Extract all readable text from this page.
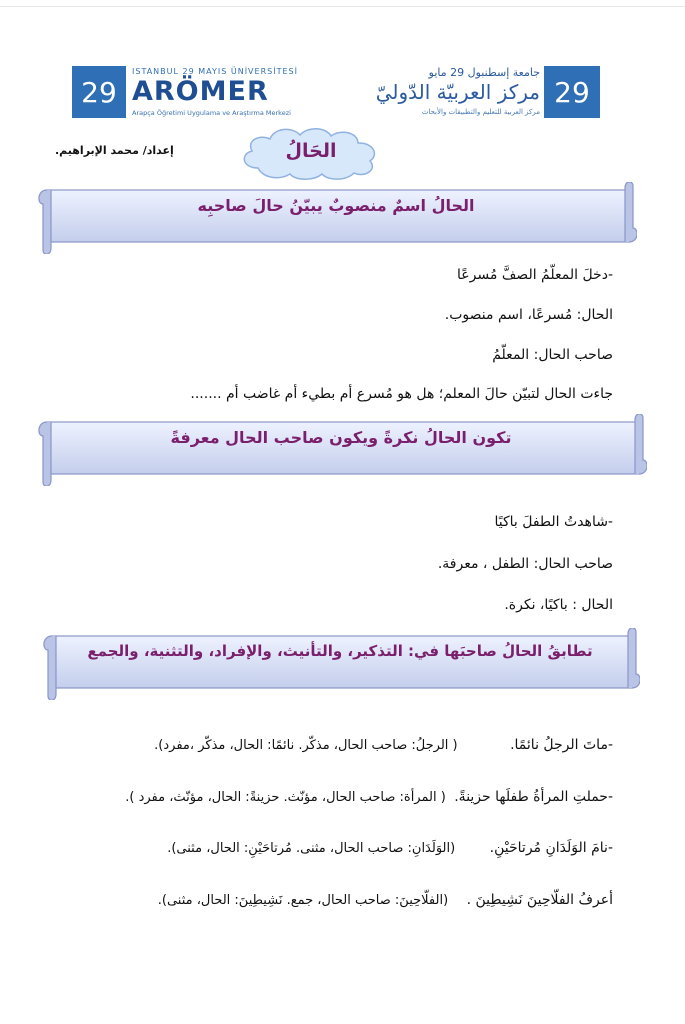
29
ISTANBUL 29 MAYIS ÜNİVERSİTESİ
ARÖMER
Arapça Öğretimi Uygulama ve Araştırma Merkezi
29
جامعة إسطنبول 29 مايو
مركز العربيّة الدّوليّ
مركز العربية للتعليم والتطبيقات والأبحاث
إعداد/ محمد الإبراهيم.	الحَالُ
الحالُ اسمٌ منصوبٌ يبيّنُ حالَ صاحبِه
-دخلَ المعلّمُ الصفَّ مُسرعًا
الحال: مُسرعًا، اسم منصوب.
صاحب الحال: المعلّمُ
جاءت الحال لتبيّن حالَ المعلم؛ هل هو مُسرع أم بطيء أم غاضب أم .......
تكون الحالُ نكرةً ويكون صاحب الحال معرفةً
-شاهدتُ الطفلَ باكيًا
صاحب الحال: الطفل ، معرفة.
الحال : باكيًا، نكرة.
تطابقُ الحالُ صاحبَها في: التذكير، والتأنيث، والإفراد، والتثنية، والجمع
-ماتَ الرجلُ نائمًا. ( الرجلُ: صاحب الحال، مذكّر. نائمًا: الحال، مذكّر ،مفرد).
-حملتِ المرأةُ طفلَها حزينةً. ( المرأة: صاحب الحال، مؤنّث. حزينةً: الحال، مؤنّث، مفرد ).
-نامَ الوَلَدَانِ مُرتاحَيْنِ. (الوَلَدَانِ: صاحب الحال، مثنى. مُرتاحَيْنِ: الحال، مثنى).
أعرفُ الفلّاحِينَ نَشِيطِينَ . (الفلّاحِينَ: صاحب الحال، جمع. نَشِيطِينَ: الحال، مثنى).
